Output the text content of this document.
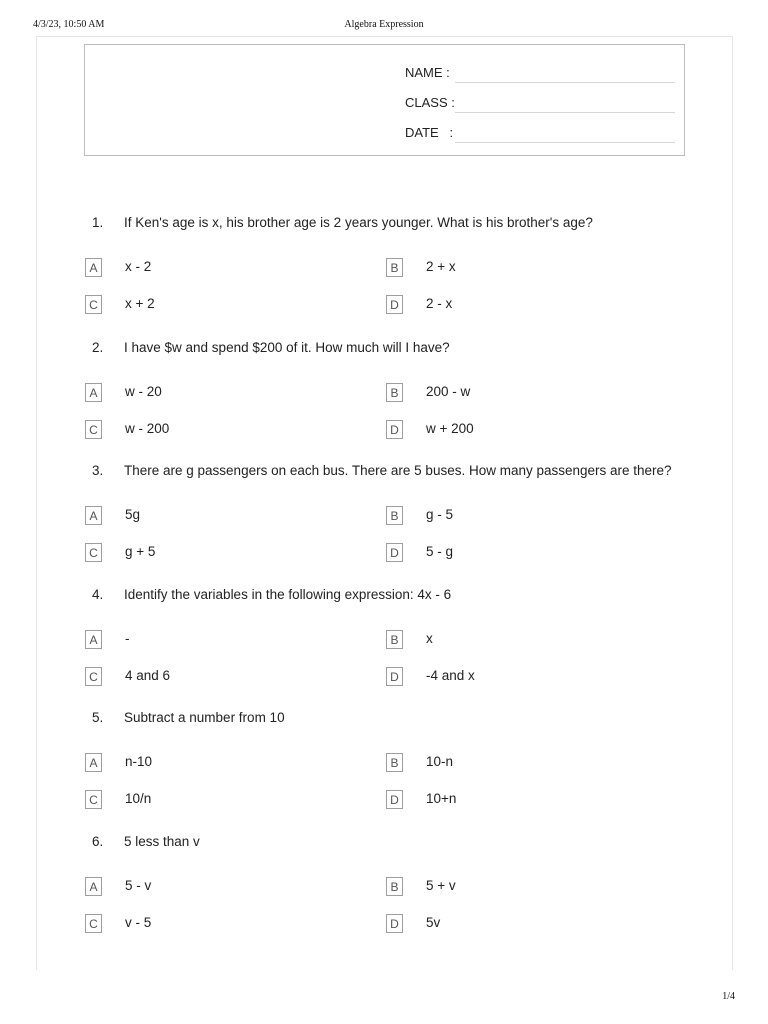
4/3/23, 10:50 AM	Algebra Expression
NAME :
CLASS :
DATE   :
1. If Ken's age is x, his brother age is 2 years younger. What is his brother's age?
A	x - 2	B	2 + x
C	x + 2	D	2 - x
2. I have $w and spend $200 of it. How much will I have?
A	w - 20	B	200 - w
C	w - 200	D	w + 200
3. There are g passengers on each bus. There are 5 buses. How many passengers are there?
A	5g	B	g - 5
C	g + 5	D	5 - g
4. Identify the variables in the following expression: 4x - 6
A	-	B	x
C	4 and 6	D	-4 and x
5. Subtract a number from 10
A	n-10	B	10-n
C	10/n	D	10+n
6. 5 less than v
A	5 - v	B	5 + v
C	v - 5	D	5v
1/4
